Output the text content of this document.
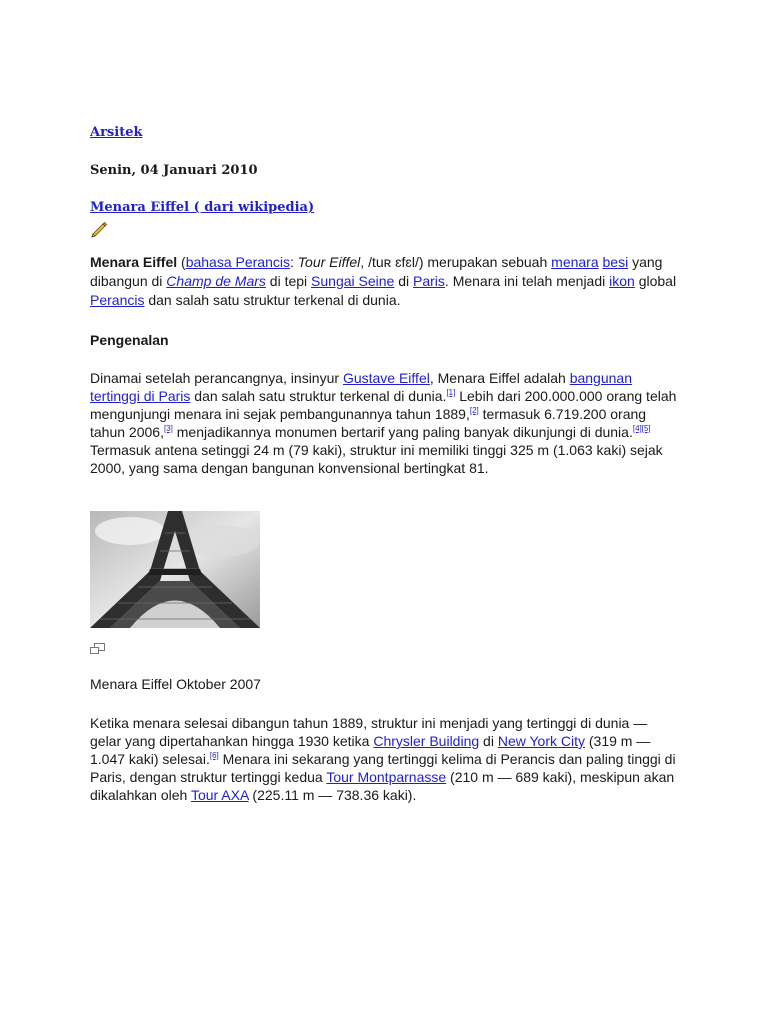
Arsitek
Senin, 04 Januari 2010
Menara Eiffel ( dari wikipedia)
Menara Eiffel (bahasa Perancis: Tour Eiffel, /tuʀ ɛfɛl/) merupakan sebuah menara besi yang dibangun di Champ de Mars di tepi Sungai Seine di Paris. Menara ini telah menjadi ikon global Perancis dan salah satu struktur terkenal di dunia.
Pengenalan
Dinamai setelah perancangnya, insinyur Gustave Eiffel, Menara Eiffel adalah bangunan tertinggi di Paris dan salah satu struktur terkenal di dunia.[1] Lebih dari 200.000.000 orang telah mengunjungi menara ini sejak pembangunannya tahun 1889,[2] termasuk 6.719.200 orang tahun 2006,[3] menjadikannya monumen bertarif yang paling banyak dikunjungi di dunia.[4][5] Termasuk antena setinggi 24 m (79 kaki), struktur ini memiliki tinggi 325 m (1.063 kaki) sejak 2000, yang sama dengan bangunan konvensional bertingkat 81.
Menara Eiffel Oktober 2007
Ketika menara selesai dibangun tahun 1889, struktur ini menjadi yang tertinggi di dunia — gelar yang dipertahankan hingga 1930 ketika Chrysler Building di New York City (319 m — 1.047 kaki) selesai.[6] Menara ini sekarang yang tertinggi kelima di Perancis dan paling tinggi di Paris, dengan struktur tertinggi kedua Tour Montparnasse (210 m — 689 kaki), meskipun akan dikalahkan oleh Tour AXA (225.11 m — 738.36 kaki).
